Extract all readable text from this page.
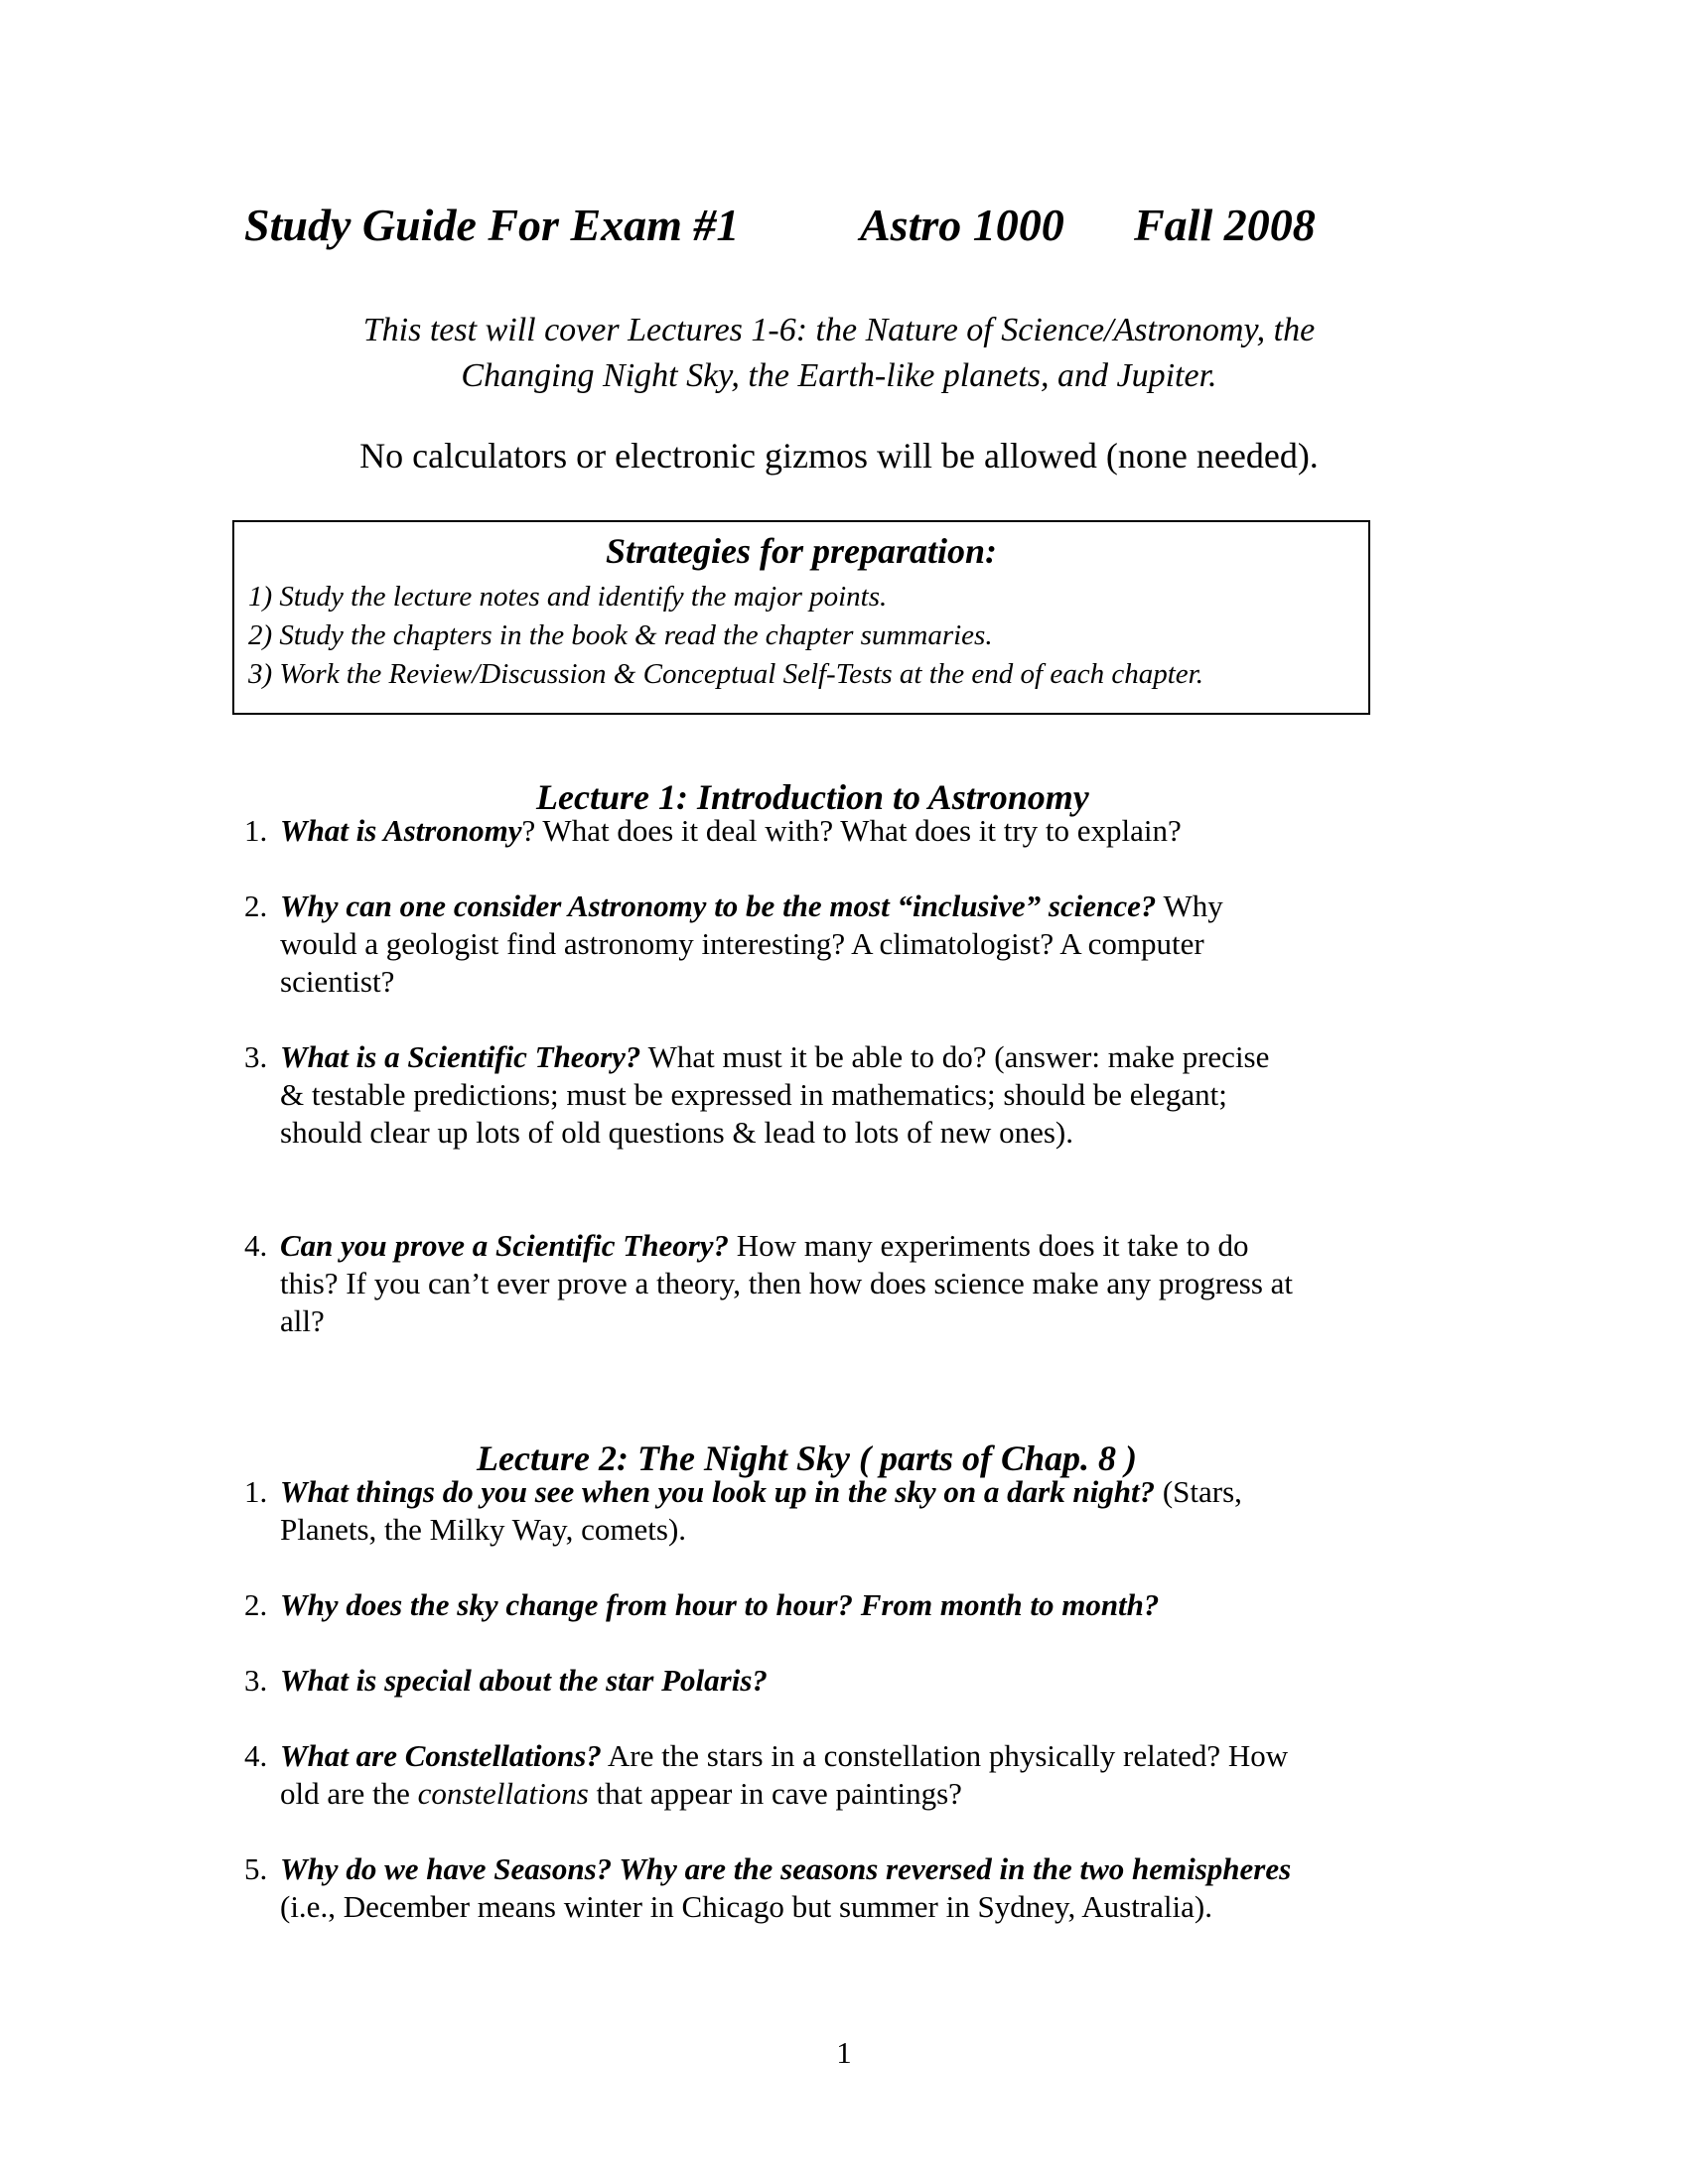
Study Guide For Exam #1	Astro 1000 Fall 2008
This test will cover Lectures 1-6: the Nature of Science/Astronomy, the
Changing Night Sky, the Earth-like planets, and Jupiter.
No calculators or electronic gizmos will be allowed (none needed).
Strategies for preparation:
1) Study the lecture notes and identify the major points.
2) Study the chapters in the book & read the chapter summaries.
3) Work the Review/Discussion & Conceptual Self-Tests at the end of each chapter.
Lecture 1: Introduction to Astronomy
1. What is Astronomy? What does it deal with? What does it try to explain?
2. Why can one consider Astronomy to be the most “inclusive” science? Why would a geologist find astronomy interesting? A climatologist? A computer scientist?
3. What is a Scientific Theory? What must it be able to do? (answer: make precise & testable predictions; must be expressed in mathematics; should be elegant; should clear up lots of old questions & lead to lots of new ones).
4. Can you prove a Scientific Theory? How many experiments does it take to do this? If you can’t ever prove a theory, then how does science make any progress at all?
Lecture 2: The Night Sky ( parts of Chap. 8 )
1. What things do you see when you look up in the sky on a dark night? (Stars, Planets, the Milky Way, comets).
2. Why does the sky change from hour to hour? From month to month?
3. What is special about the star Polaris?
4. What are Constellations? Are the stars in a constellation physically related? How old are the constellations that appear in cave paintings?
5. Why do we have Seasons? Why are the seasons reversed in the two hemispheres (i.e., December means winter in Chicago but summer in Sydney, Australia).
1
